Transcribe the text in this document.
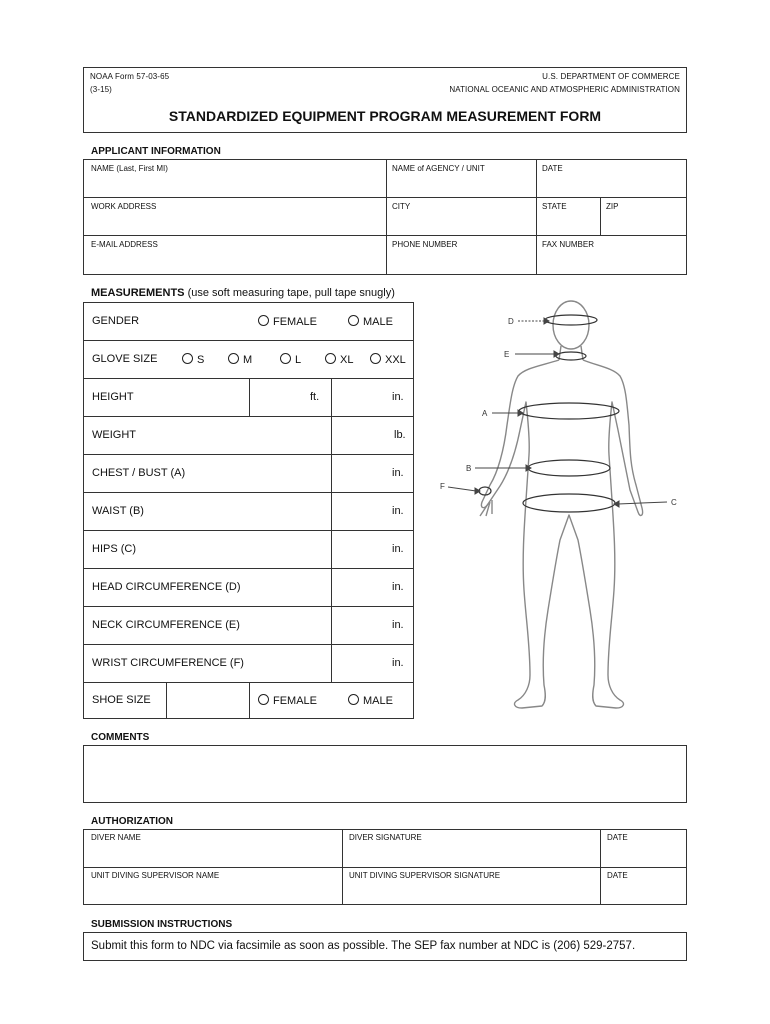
NOAA Form 57-03-65
(3-15)
U.S. DEPARTMENT OF COMMERCE
NATIONAL OCEANIC AND ATMOSPHERIC ADMINISTRATION
STANDARDIZED EQUIPMENT PROGRAM MEASUREMENT FORM
APPLICANT INFORMATION
NAME (Last, First MI)	NAME of AGENCY / UNIT	DATE
WORK ADDRESS	CITY	STATE	ZIP
E-MAIL ADDRESS	PHONE NUMBER	FAX NUMBER
MEASUREMENTS (use soft measuring tape, pull tape snugly)
GENDER	FEMALE	MALE
GLOVE SIZE	S	M	L	XL	XXL
HEIGHT	ft.	in.
WEIGHT	lb.
CHEST / BUST (A)	in.
WAIST (B)	in.
HIPS (C)	in.
HEAD CIRCUMFERENCE (D)	in.
NECK CIRCUMFERENCE (E)	in.
WRIST CIRCUMFERENCE (F)	in.
SHOE SIZE	FEMALE	MALE
D
E
A
B
F
C
COMMENTS
AUTHORIZATION
DIVER NAME	DIVER SIGNATURE	DATE
UNIT DIVING SUPERVISOR NAME	UNIT DIVING SUPERVISOR SIGNATURE	DATE
SUBMISSION INSTRUCTIONS
Submit this form to NDC via facsimile as soon as possible. The SEP fax number at NDC is (206) 529-2757.
